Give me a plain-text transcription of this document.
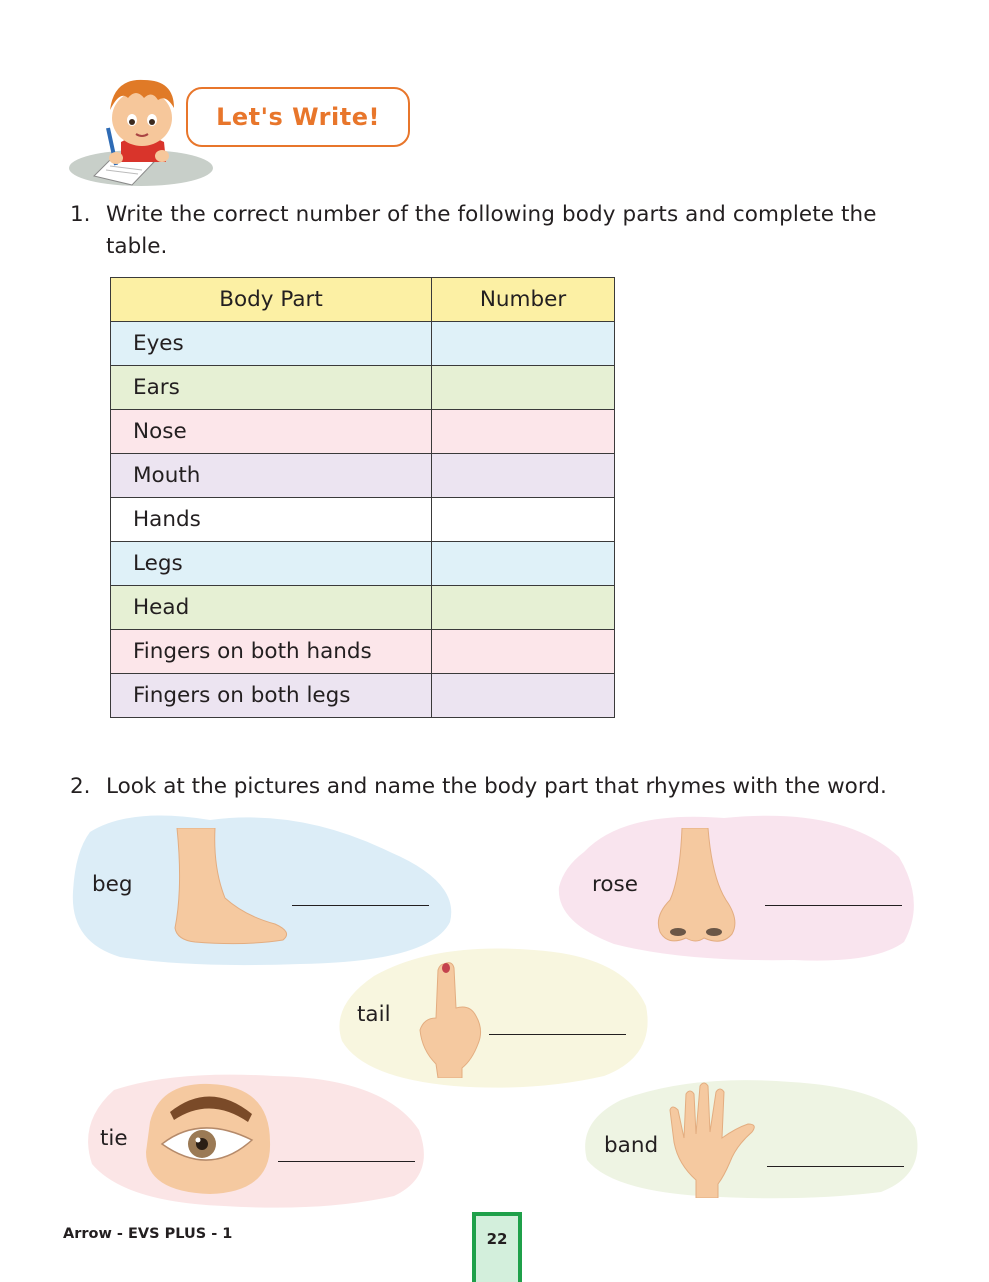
Let's Write!
1. Write the correct number of the following body parts and complete the
table.
Body Part	Number
Eyes	
Ears	
Nose	
Mouth	
Hands	
Legs	
Head	
Fingers on both hands	
Fingers on both legs	
2. Look at the pictures and name the body part that rhymes with the word.
beg	rose
tail
tie	band
Arrow - EVS PLUS - 1	22
